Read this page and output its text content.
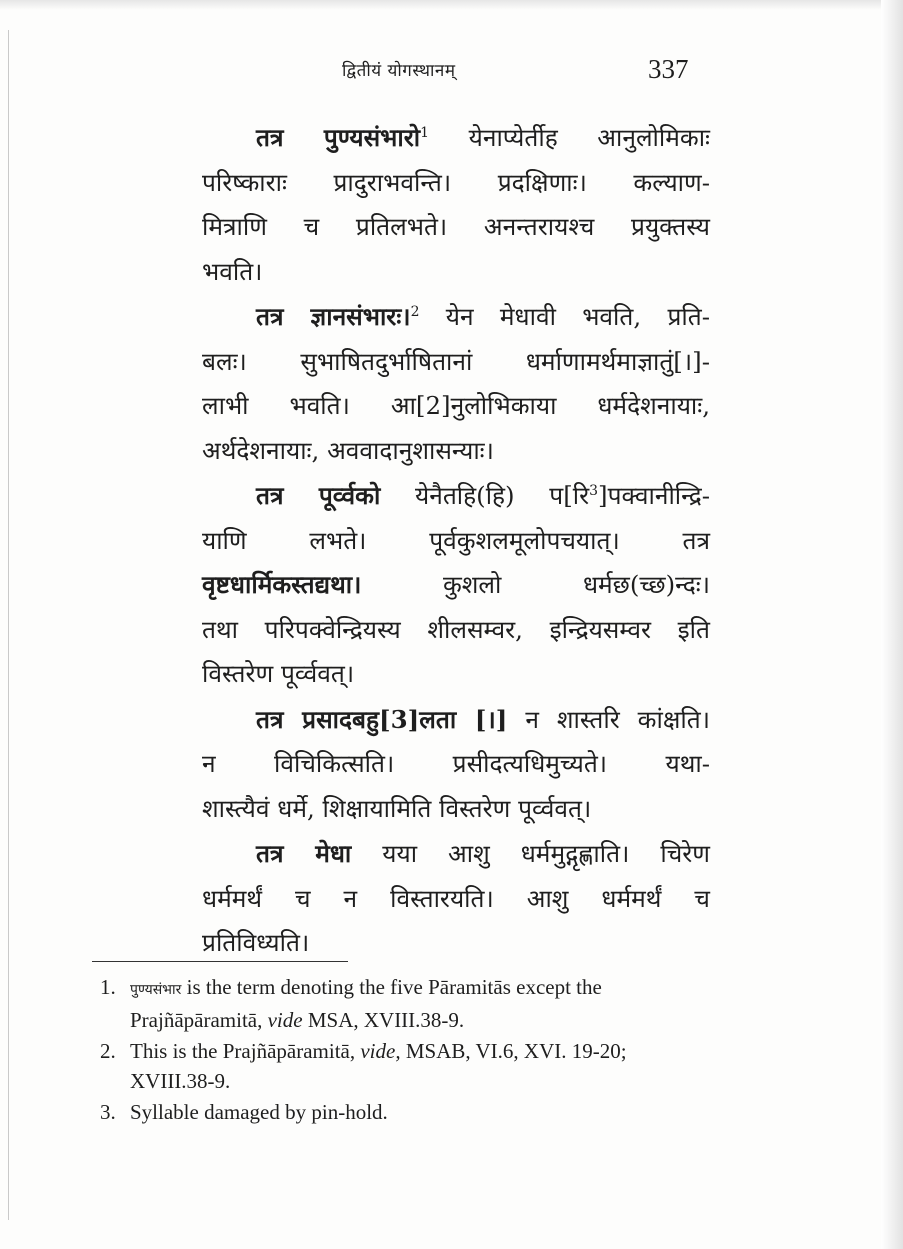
द्वितीयं योगस्थानम्	337
तत्र पुण्यसंभारो$^1$ येनाप्येर्तीह आनुलोमिकाः
परिष्काराः प्रादुराभवन्ति। प्रदक्षिणाः। कल्याण-
मित्राणि च प्रतिलभते। अनन्तरायश्च प्रयुक्तस्य
भवति।
तत्र ज्ञानसंभारः।$^2$ येन मेधावी भवति, प्रति-
बलः। सुभाषितदुर्भाषितानां धर्माणामर्थमाज्ञातुं[।]-
लाभी भवति। आ[2]नुलोभिकाया धर्मदेशनायाः,
अर्थदेशनायाः, अववादानुशासन्याः।
तत्र पूर्व्वको येनैतहि(हि) प[रि$^3$]पक्वानीन्द्रि-
याणि लभते। पूर्वकुशलमूलोपचयात्। तत्र
वृष्टधार्मिकस्तद्यथा।	कुशलो	धर्मछ(च्छ)न्दः।
तथा परिपक्वेन्द्रियस्य शीलसम्वर, इन्द्रियसम्वर इति
विस्तरेण पूर्व्ववत्।
तत्र प्रसादबहु[3]लता [।] न शास्तरि कांक्षति।
न विचिकित्सति। प्रसीदत्यधिमुच्यते। यथा-
शास्त्यैवं धर्मे, शिक्षायामिति विस्तरेण पूर्व्ववत्।
तत्र मेधा यया आशु धर्ममुद्गृह्णाति। चिरेण
धर्ममर्थं च न विस्तारयति। आशु धर्ममर्थं च
प्रतिविध्यति।
1. पुण्यसंभार is the term denoting the five Pāramitās except the Prajñāpāramitā, vide MSA, XVIII.38-9.
2. This is the Prajñāpāramitā, vide, MSAB, VI.6, XVI. 19-20; XVIII.38-9.
3. Syllable damaged by pin-hold.
